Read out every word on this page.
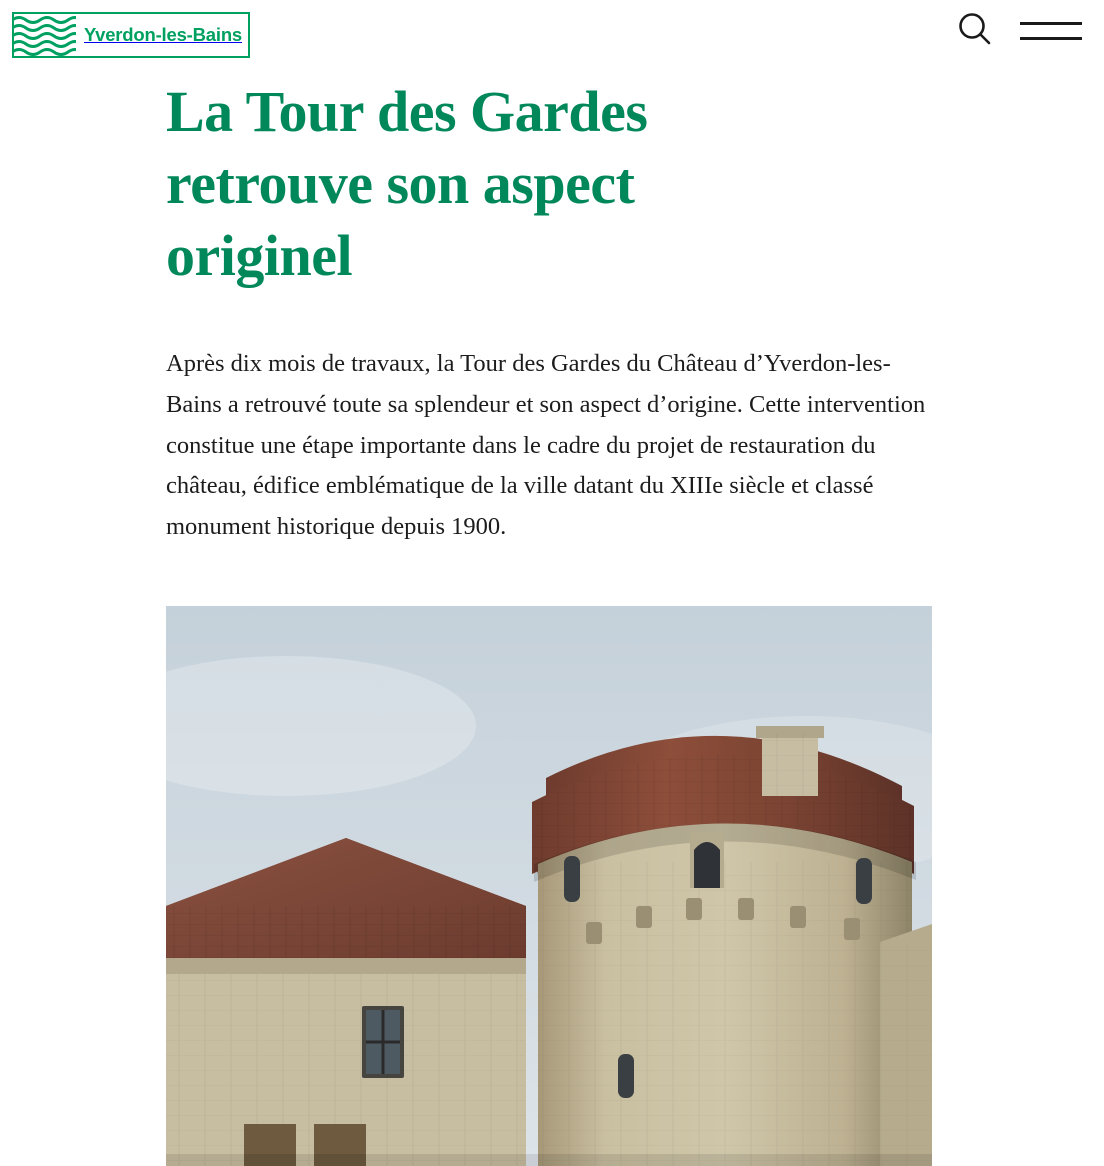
Yverdon-les-Bains
La Tour des Gardes retrouve son aspect originel

Après dix mois de travaux, la Tour des Gardes du Château d’Yverdon-les-Bains a retrouvé toute sa splendeur et son aspect d’origine. Cette intervention constitue une étape importante dans le cadre du projet de restauration du château, édifice emblématique de la ville datant du XIIIe siècle et classé monument historique depuis 1900.
